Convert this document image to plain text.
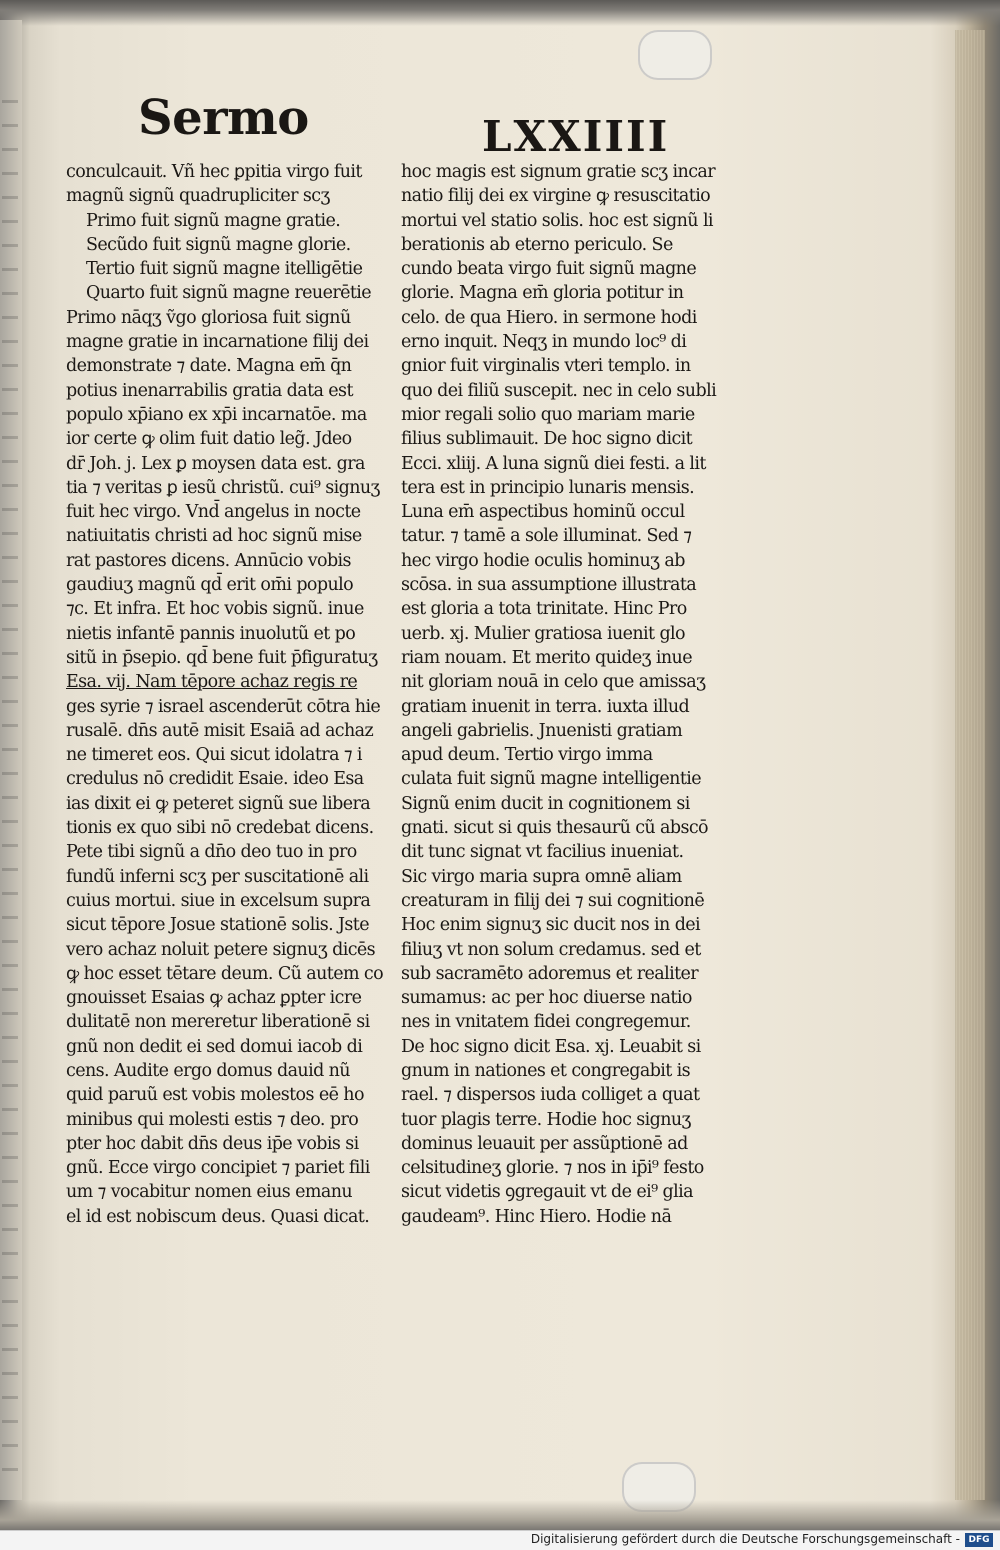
Sermo	LXXIIII
conculcauit. Vñ hec ꝑpitia virgo fuit
magnũ signũ quadrupliciter scʒ
Primo fuit signũ magne gratie.
Secũdo fuit signũ magne glorie.
Tertio fuit signũ magne itelligētie
Quarto fuit signũ magne reuerētie
Primo nāqʒ ṽgo gloriosa fuit signũ
magne gratie in incarnatione filij dei
demonstrate ⁊ date. Magna em̄ q̄n
potius inenarrabilis gratia data est
populo xp̄iano ex xp̄i incarnatōe. ma
ior certe ꝙ olim fuit datio leg̃. Jdeo
dr̄ Joh. j. Lex ꝑ moysen data est. gra
tia ⁊ veritas ꝑ iesũ christũ. cui⁹ signuʒ
fuit hec virgo. Vnd̄ angelus in nocte
natiuitatis christi ad hoc signũ mise
rat pastores dicens. Annūcio vobis
gaudiuʒ magnũ qd̄ erit om̄i populo
⁊c. Et infra. Et hoc vobis signũ. inue
nietis infantē pannis inuolutũ et po
sitũ in p̄sepio. qd̄ bene fuit p̄figuratuʒ
Esa. vij. Nam tēpore achaz regis re
ges syrie ⁊ israel ascenderūt cōtra hie
rusalē. dn̄s autē misit Esaiā ad achaz
ne timeret eos. Qui sicut idolatra ⁊ i
credulus nō credidit Esaie. ideo Esa
ias dixit ei ꝙ peteret signũ sue libera
tionis ex quo sibi nō credebat dicens.
Pete tibi signũ a dn̄o deo tuo in pro
fundũ inferni scʒ per suscitationē ali
cuius mortui. siue in excelsum supra
sicut tēpore Josue stationē solis. Jste
vero achaz noluit petere signuʒ dicēs
ꝙ hoc esset tētare deum. Cũ autem co
gnouisset Esaias ꝙ achaz ꝑpter icre
dulitatē non mereretur liberationē si
gnũ non dedit ei sed domui iacob di
cens. Audite ergo domus dauid nũ
quid paruũ est vobis molestos eē ho
minibus qui molesti estis ⁊ deo. pro
pter hoc dabit dn̄s deus ip̄e vobis si
gnũ. Ecce virgo concipiet ⁊ pariet fili
um ⁊ vocabitur nomen eius emanu
el id est nobiscum deus. Quasi dicat.
hoc magis est signum gratie scʒ incar
natio filij dei ex virgine ꝙ resuscitatio
mortui vel statio solis. hoc est signũ li
berationis ab eterno periculo. Se
cundo beata virgo fuit signũ magne
glorie. Magna em̄ gloria potitur in
celo. de qua Hiero. in sermone hodi
erno inquit. Neqʒ in mundo loc⁹ di
gnior fuit virginalis vteri templo. in
quo dei filiũ suscepit. nec in celo subli
mior regali solio quo mariam marie
filius sublimauit. De hoc signo dicit
Ecci. xliij. A luna signũ diei festi. a lit
tera est in principio lunaris mensis.
Luna em̄ aspectibus hominũ occul
tatur. ⁊ tamē a sole illuminat. Sed ⁊
hec virgo hodie oculis hominuʒ ab
scōsa. in sua assumptione illustrata
est gloria a tota trinitate. Hinc Pro
uerb. xj. Mulier gratiosa iuenit glo
riam nouam. Et merito quideʒ inue
nit gloriam nouā in celo que amissaʒ
gratiam inuenit in terra. iuxta illud
angeli gabrielis. Jnuenisti gratiam
apud deum. Tertio virgo imma
culata fuit signũ magne intelligentie
Signũ enim ducit in cognitionem si
gnati. sicut si quis thesaurũ cũ abscō
dit tunc signat vt facilius inueniat.
Sic virgo maria supra omnē aliam
creaturam in filij dei ⁊ sui cognitionē
Hoc enim signuʒ sic ducit nos in dei
filiuʒ vt non solum credamus. sed et
sub sacramēto adoremus et realiter
sumamus: ac per hoc diuerse natio
nes in vnitatem fidei congregemur.
De hoc signo dicit Esa. xj. Leuabit si
gnum in nationes et congregabit is
rael. ⁊ dispersos iuda colliget a quat
tuor plagis terre. Hodie hoc signuʒ
dominus leuauit per assũptionē ad
celsitudineʒ glorie. ⁊ nos in ip̄i⁹ festo
sicut videtis ꝯgregauit vt de ei⁹ glia
gaudeam⁹. Hinc Hiero. Hodie nā
Digitalisierung gefördert durch die Deutsche Forschungsgemeinschaft - DFG
